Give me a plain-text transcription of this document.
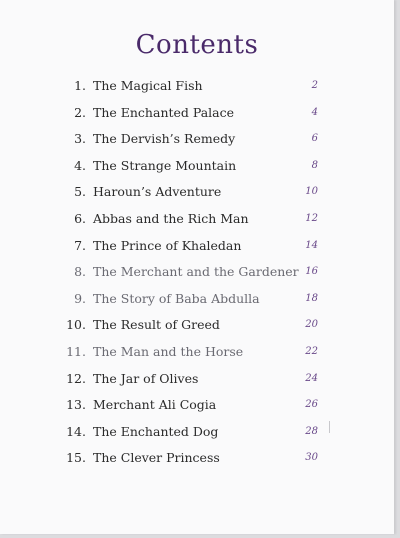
Contents
1. The Magical Fish	2
2. The Enchanted Palace	4
3. The Dervish’s Remedy	6
4. The Strange Mountain	8
5. Haroun’s Adventure	10
6. Abbas and the Rich Man	12
7. The Prince of Khaledan	14
8. The Merchant and the Gardener 16
9. The Story of Baba Abdulla	18
10. The Result of Greed	20
11. The Man and the Horse	22
12. The Jar of Olives	24
13. Merchant Ali Cogia	26
14. The Enchanted Dog	28
15. The Clever Princess	30
